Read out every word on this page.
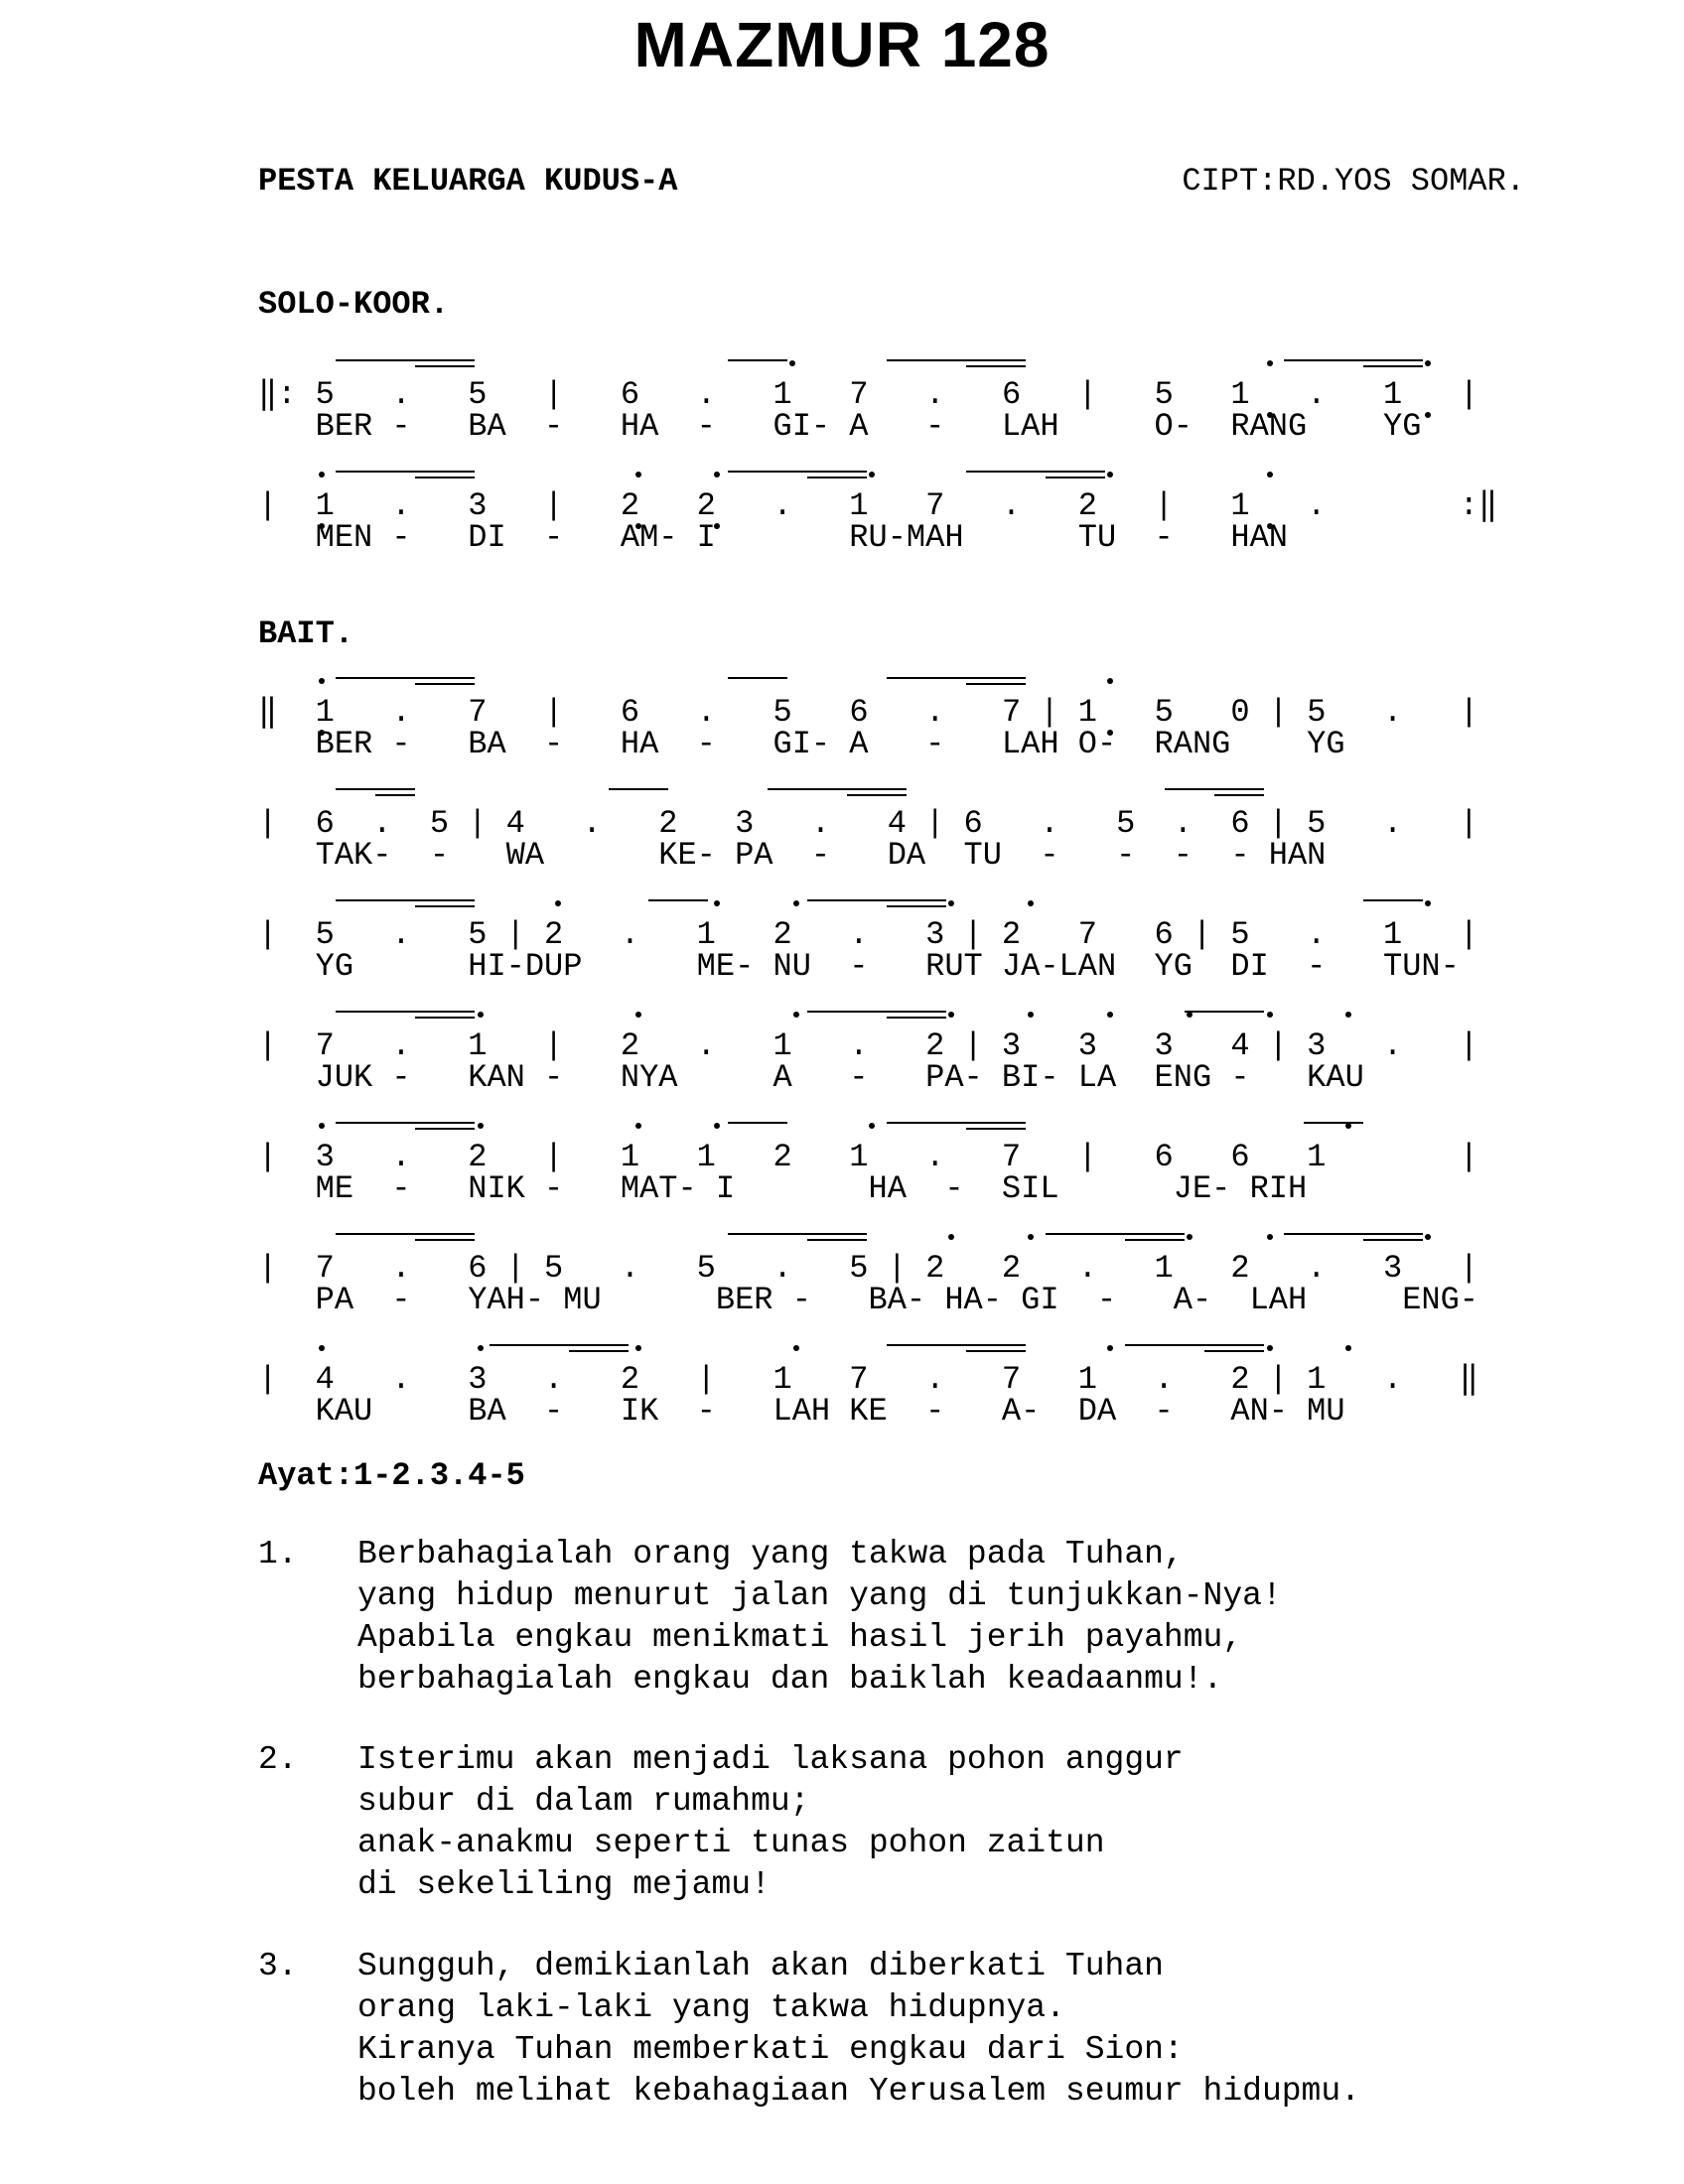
MAZMUR 128
PESTA KELUARGA KUDUS-A	CIPT:RD.YOS SOMAR.
SOLO-KOOR.
‖: 5   .   5   |   6   .   1   7   .   6   |   5   1   .   1   |
BER -   BA  -   HA  -   GI- A   -   LAH     O-  RANG    YG
|  1   .   3   |   2   2   .   1   7   .   2   |   1   .       :‖
MEN -   DI  -   AM- I       RU-MAH      TU  -   HAN
‖  1   .   7   |   6   .   5   6   .   7 | 1   5   0 | 5   .   |
BER -   BA  -   HA  -   GI- A   -   LAH O-  RANG    YG
|  6  .  5 | 4   .   2   3   .   4 | 6   .   5  .  6 | 5   .   |
TAK-  -   WA      KE- PA  -   DA  TU  -   -  -  - HAN
|  5   .   5 | 2   .   1   2   .   3 | 2   7   6 | 5   .   1   |
YG      HI-DUP      ME- NU  -   RUT JA-LAN  YG  DI  -   TUN-
|  7   .   1   |   2   .   1   .   2 | 3   3   3   4 | 3   .   |
JUK -   KAN -   NYA     A   -   PA- BI- LA  ENG -   KAU
|  3   .   2   |   1   1   2   1   .   7   |   6   6   1       |
ME  -   NIK -   MAT- I       HA  -  SIL      JE- RIH
|  7   .   6 | 5   .   5   .   5 | 2   2   .   1   2   .   3   |
PA  -   YAH- MU      BER -   BA- HA- GI  -   A-  LAH     ENG-
|  4   .   3   .   2   |   1   7   .   7   1   .   2 | 1   .   ‖
KAU     BA  -   IK  -   LAH KE  -   A-  DA  -   AN- MU
BAIT.
Ayat:1-2.3.4-5
1. Berbahagialah orang yang takwa pada Tuhan,
yang hidup menurut jalan yang di tunjukkan-Nya!
Apabila engkau menikmati hasil jerih payahmu,
berbahagialah engkau dan baiklah keadaanmu!.
2. Isterimu akan menjadi laksana pohon anggur
subur di dalam rumahmu;
anak-anakmu seperti tunas pohon zaitun
di sekeliling mejamu!
3. Sungguh, demikianlah akan diberkati Tuhan
orang laki-laki yang takwa hidupnya.
Kiranya Tuhan memberkati engkau dari Sion:
boleh melihat kebahagiaan Yerusalem seumur hidupmu.
